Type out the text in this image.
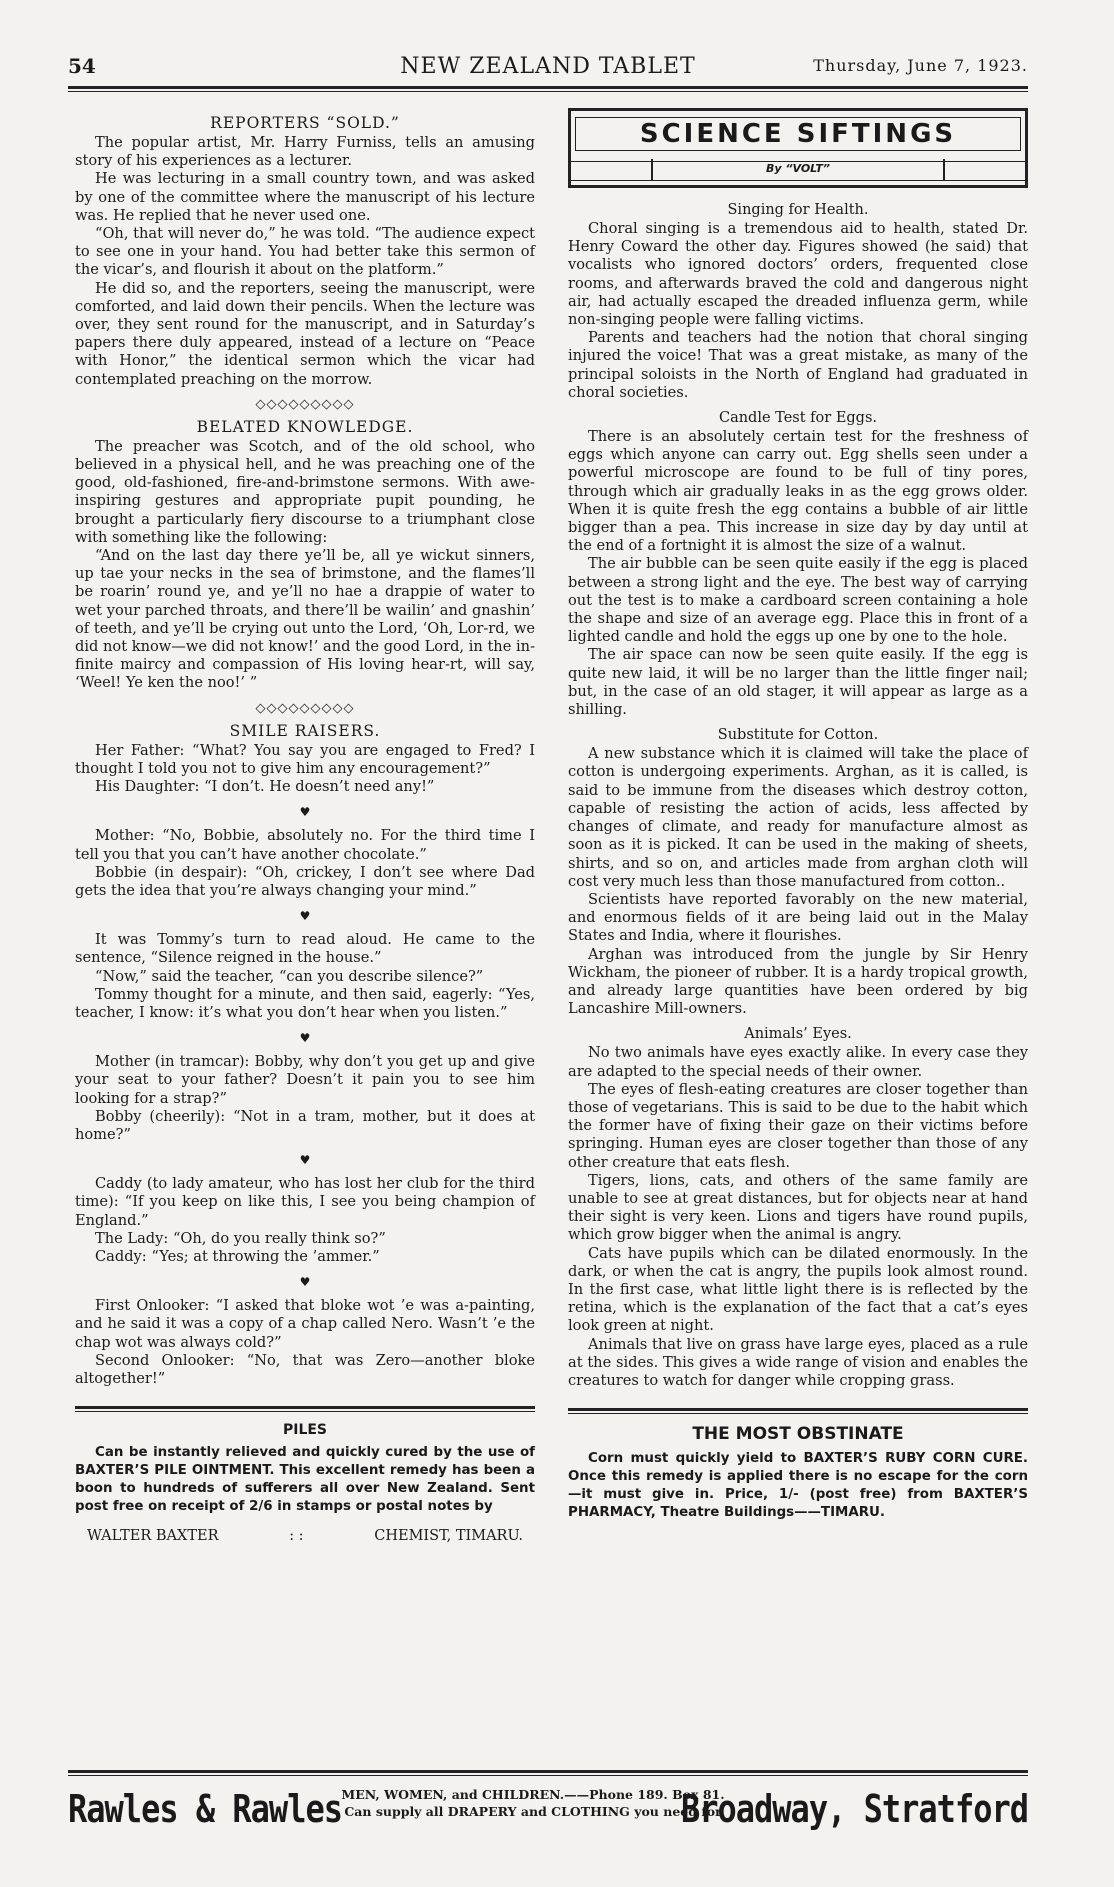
54	NEW ZEALAND TABLET	Thursday, June 7, 1923.
REPORTERS “SOLD.”

The popular artist, Mr. Harry Furniss, tells an amusing story of his experiences as a lecturer.

He was lecturing in a small country town, and was asked by one of the committee where the manuscript of his lecture was. He replied that he never used one.

“Oh, that will never do,” he was told. “The audience expect to see one in your hand. You had better take this sermon of the vicar’s, and flourish it about on the platform.”

He did so, and the reporters, seeing the manuscript, were comforted, and laid down their pencils. When the lecture was over, they sent round for the manuscript, and in Saturday’s papers there duly appeared, instead of a lecture on “Peace with Honor,” the identical sermon which the vicar had contemplated preaching on the morrow.

◇◇◇◇◇◇◇◇◇
BELATED KNOWLEDGE.

The preacher was Scotch, and of the old school, who believed in a physical hell, and he was preaching one of the good, old-fashioned, fire-and-brimstone sermons. With awe-inspiring gestures and appropriate pupit pounding, he brought a particularly fiery discourse to a triumphant close with something like the following:

“And on the last day there ye’ll be, all ye wickut sinners, up tae your necks in the sea of brimstone, and the flames’ll be roarin’ round ye, and ye’ll no hae a drappie of water to wet your parched throats, and there’ll be wailin’ and gnashin’ of teeth, and ye’ll be crying out unto the Lord, ‘Oh, Lor-rd, we did not know—we did not know!’ and the good Lord, in the in-finite maircy and compassion of His loving hear-rt, will say, ‘Weel! Ye ken the noo!’ ”

◇◇◇◇◇◇◇◇◇
SMILE RAISERS.

Her Father: “What? You say you are engaged to Fred? I thought I told you not to give him any encouragement?”

His Daughter: “I don’t. He doesn’t need any!”

♥

Mother: “No, Bobbie, absolutely no. For the third time I tell you that you can’t have another chocolate.”

Bobbie (in despair): “Oh, crickey, I don’t see where Dad gets the idea that you’re always changing your mind.”

♥

It was Tommy’s turn to read aloud. He came to the sentence, “Silence reigned in the house.”

“Now,” said the teacher, “can you describe silence?”

Tommy thought for a minute, and then said, eagerly: “Yes, teacher, I know: it’s what you don’t hear when you listen.”

♥

Mother (in tramcar): Bobby, why don’t you get up and give your seat to your father? Doesn’t it pain you to see him looking for a strap?”

Bobby (cheerily): “Not in a tram, mother, but it does at home?”

♥

Caddy (to lady amateur, who has lost her club for the third time): “If you keep on like this, I see you being champion of England.”

The Lady: “Oh, do you really think so?”

Caddy: “Yes; at throwing the ’ammer.”

♥

First Onlooker: “I asked that bloke wot ’e was a-painting, and he said it was a copy of a chap called Nero. Wasn’t ’e the chap wot was always cold?”

Second Onlooker: “No, that was Zero—another bloke altogether!”

PILES

Can be instantly relieved and quickly cured by the use of BAXTER’S PILE OINTMENT. This excellent remedy has been a boon to hundreds of sufferers all over New Zealand. Sent post free on receipt of 2/6 in stamps or postal notes by

WALTER BAXTER	: :	CHEMIST, TIMARU.
SCIENCE SIFTINGS
By “VOLT”
Singing for Health.

Choral singing is a tremendous aid to health, stated Dr. Henry Coward the other day. Figures showed (he said) that vocalists who ignored doctors’ orders, frequented close rooms, and afterwards braved the cold and dangerous night air, had actually escaped the dreaded influenza germ, while non-singing people were falling victims.

Parents and teachers had the notion that choral singing injured the voice! That was a great mistake, as many of the principal soloists in the North of England had graduated in choral societies.

Candle Test for Eggs.

There is an absolutely certain test for the freshness of eggs which anyone can carry out. Egg shells seen under a powerful microscope are found to be full of tiny pores, through which air gradually leaks in as the egg grows older. When it is quite fresh the egg contains a bubble of air little bigger than a pea. This increase in size day by day until at the end of a fortnight it is almost the size of a walnut.

The air bubble can be seen quite easily if the egg is placed between a strong light and the eye. The best way of carrying out the test is to make a cardboard screen containing a hole the shape and size of an average egg. Place this in front of a lighted candle and hold the eggs up one by one to the hole.

The air space can now be seen quite easily. If the egg is quite new laid, it will be no larger than the little finger nail; but, in the case of an old stager, it will appear as large as a shilling.

Substitute for Cotton.

A new substance which it is claimed will take the place of cotton is undergoing experiments. Arghan, as it is called, is said to be immune from the diseases which destroy cotton, capable of resisting the action of acids, less affected by changes of climate, and ready for manufacture almost as soon as it is picked. It can be used in the making of sheets, shirts, and so on, and articles made from arghan cloth will cost very much less than those manufactured from cotton..

Scientists have reported favorably on the new material, and enormous fields of it are being laid out in the Malay States and India, where it flourishes.

Arghan was introduced from the jungle by Sir Henry Wickham, the pioneer of rubber. It is a hardy tropical growth, and already large quantities have been ordered by big Lancashire Mill-owners.

Animals’ Eyes.

No two animals have eyes exactly alike. In every case they are adapted to the special needs of their owner.

The eyes of flesh-eating creatures are closer together than those of vegetarians. This is said to be due to the habit which the former have of fixing their gaze on their victims before springing. Human eyes are closer together than those of any other creature that eats flesh.

Tigers, lions, cats, and others of the same family are unable to see at great distances, but for objects near at hand their sight is very keen. Lions and tigers have round pupils, which grow bigger when the animal is angry.

Cats have pupils which can be dilated enormously. In the dark, or when the cat is angry, the pupils look almost round. In the first case, what little light there is is reflected by the retina, which is the explanation of the fact that a cat’s eyes look green at night.

Animals that live on grass have large eyes, placed as a rule at the sides. This gives a wide range of vision and enables the creatures to watch for danger while cropping grass.

THE MOST OBSTINATE

Corn must quickly yield to BAXTER’S RUBY CORN CURE. Once this remedy is applied there is no escape for the corn—it must give in. Price, 1/- (post free) from BAXTER’S PHARMACY, Theatre Buildings——TIMARU.

Rawles & Rawles MEN, WOMEN, and CHILDREN.——Phone 189. Box 81.
Can supply all DRAPERY and CLOTHING you need for
Broadway, Stratford
